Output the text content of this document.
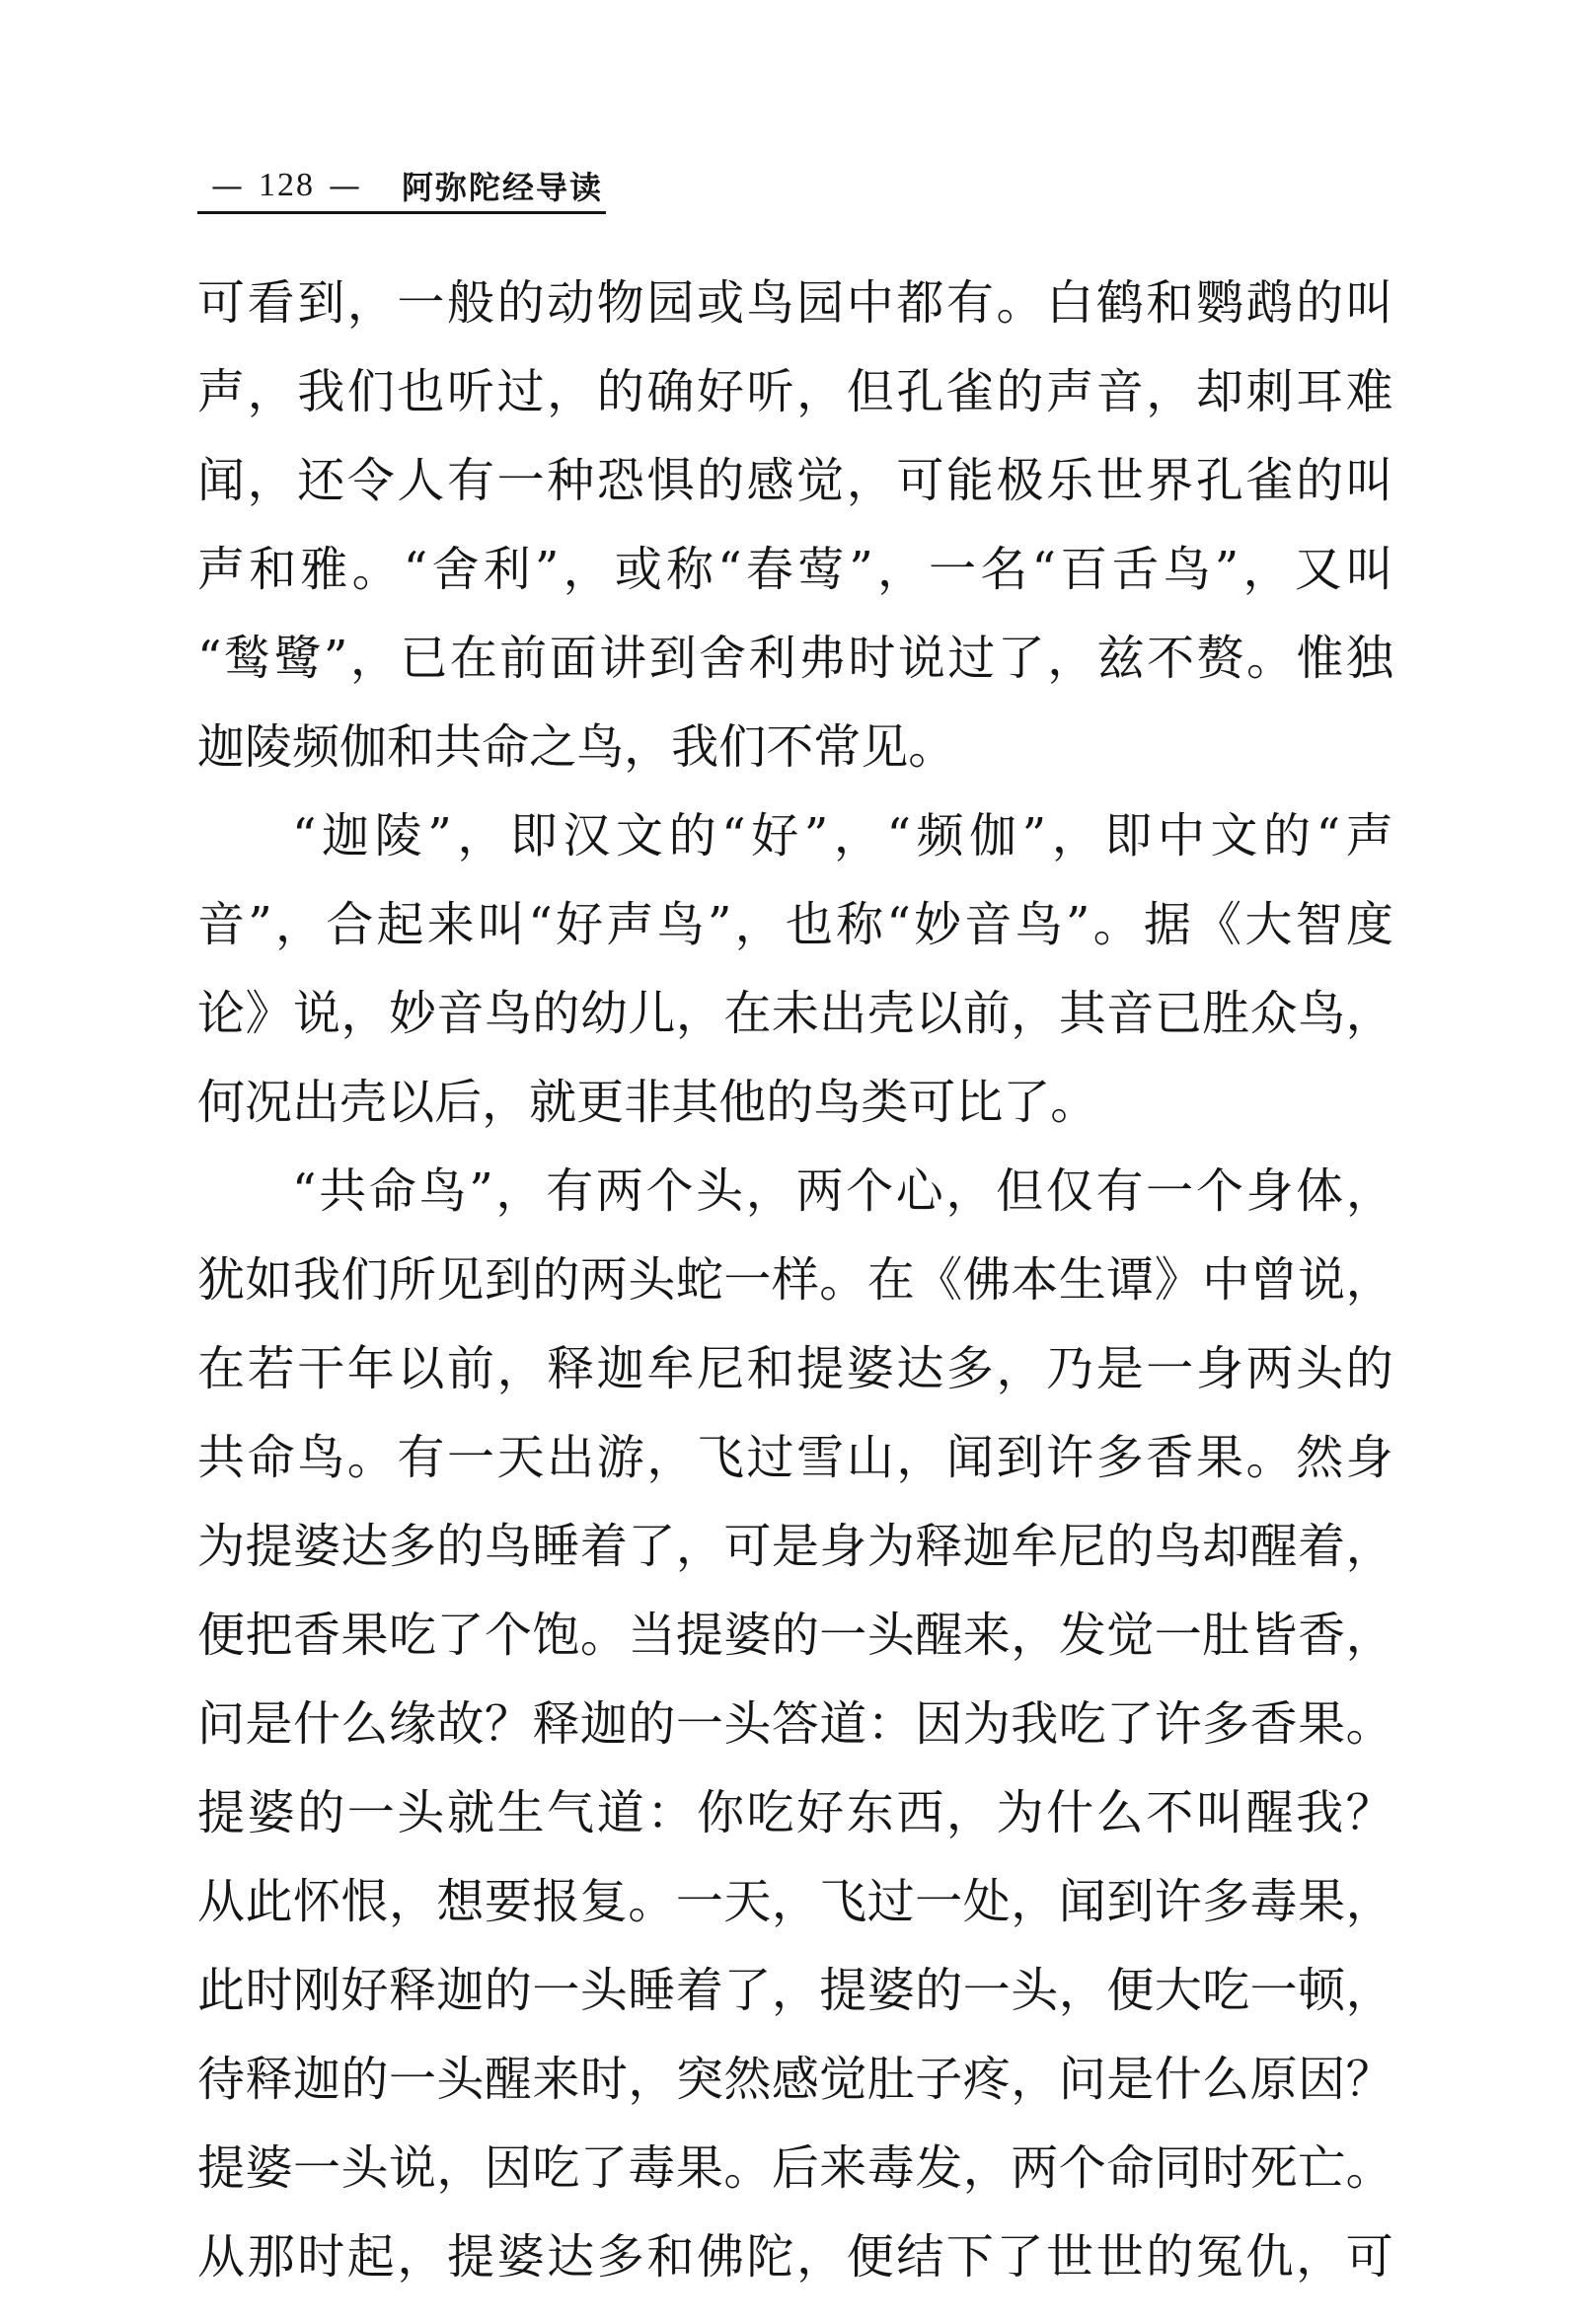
— 128 — 阿弥陀经导读
可 看 到 ， 一 般 的 动 物 园 或 鸟 园 中 都 有 。 白 鹤 和 鹦 鹉 的 叫
声 ， 我 们 也 听 过 ， 的 确 好 听 ， 但 孔 雀 的 声 音 ， 却 刺 耳 难
闻 ， 还 令 人 有 一 种 恐 惧 的 感 觉 ， 可 能 极 乐 世 界 孔 雀 的 叫
声 和 雅 。 “ 舍 利 ” ， 或 称 “ 春 莺 ” ， 一 名 “ 百 舌 鸟 ” ， 又 叫
“ 鹙 鹭 ” ， 已 在 前 面 讲 到 舍 利 弗 时 说 过 了 ， 兹 不 赘 。 惟 独
迦 陵 频 伽 和 共 命 之 鸟 ， 我 们 不 常 见 。
“ 迦 陵 ” ， 即 汉 文 的 “ 好 ” ， “ 频 伽 ” ， 即 中 文 的 “ 声
音 ” ， 合 起 来 叫 “ 好 声 鸟 ” ， 也 称 “ 妙 音 鸟 ” 。 据 《 大 智 度
论 》 说 ， 妙 音 鸟 的 幼 儿 ， 在 未 出 壳 以 前 ， 其 音 已 胜 众 鸟 ，
何 况 出 壳 以 后 ， 就 更 非 其 他 的 鸟 类 可 比 了 。
“ 共 命 鸟 ” ， 有 两 个 头 ， 两 个 心 ， 但 仅 有 一 个 身 体 ，
犹 如 我 们 所 见 到 的 两 头 蛇 一 样 。 在 《 佛 本 生 谭 》 中 曾 说 ，
在 若 干 年 以 前 ， 释 迦 牟 尼 和 提 婆 达 多 ， 乃 是 一 身 两 头 的
共 命 鸟 。 有 一 天 出 游 ， 飞 过 雪 山 ， 闻 到 许 多 香 果 。 然 身
为 提 婆 达 多 的 鸟 睡 着 了 ， 可 是 身 为 释 迦 牟 尼 的 鸟 却 醒 着 ，
便 把 香 果 吃 了 个 饱 。 当 提 婆 的 一 头 醒 来 ， 发 觉 一 肚 皆 香 ，
问 是 什 么 缘 故 ？ 释 迦 的 一 头 答 道 ： 因 为 我 吃 了 许 多 香 果 。
提 婆 的 一 头 就 生 气 道 ： 你 吃 好 东 西 ， 为 什 么 不 叫 醒 我 ？
从 此 怀 恨 ， 想 要 报 复 。 一 天 ， 飞 过 一 处 ， 闻 到 许 多 毒 果 ，
此 时 刚 好 释 迦 的 一 头 睡 着 了 ， 提 婆 的 一 头 ， 便 大 吃 一 顿 ，
待 释 迦 的 一 头 醒 来 时 ， 突 然 感 觉 肚 子 疼 ， 问 是 什 么 原 因 ？
提 婆 一 头 说 ， 因 吃 了 毒 果 。 后 来 毒 发 ， 两 个 命 同 时 死 亡 。
从 那 时 起 ， 提 婆 达 多 和 佛 陀 ， 便 结 下 了 世 世 的 冤 仇 ， 可
